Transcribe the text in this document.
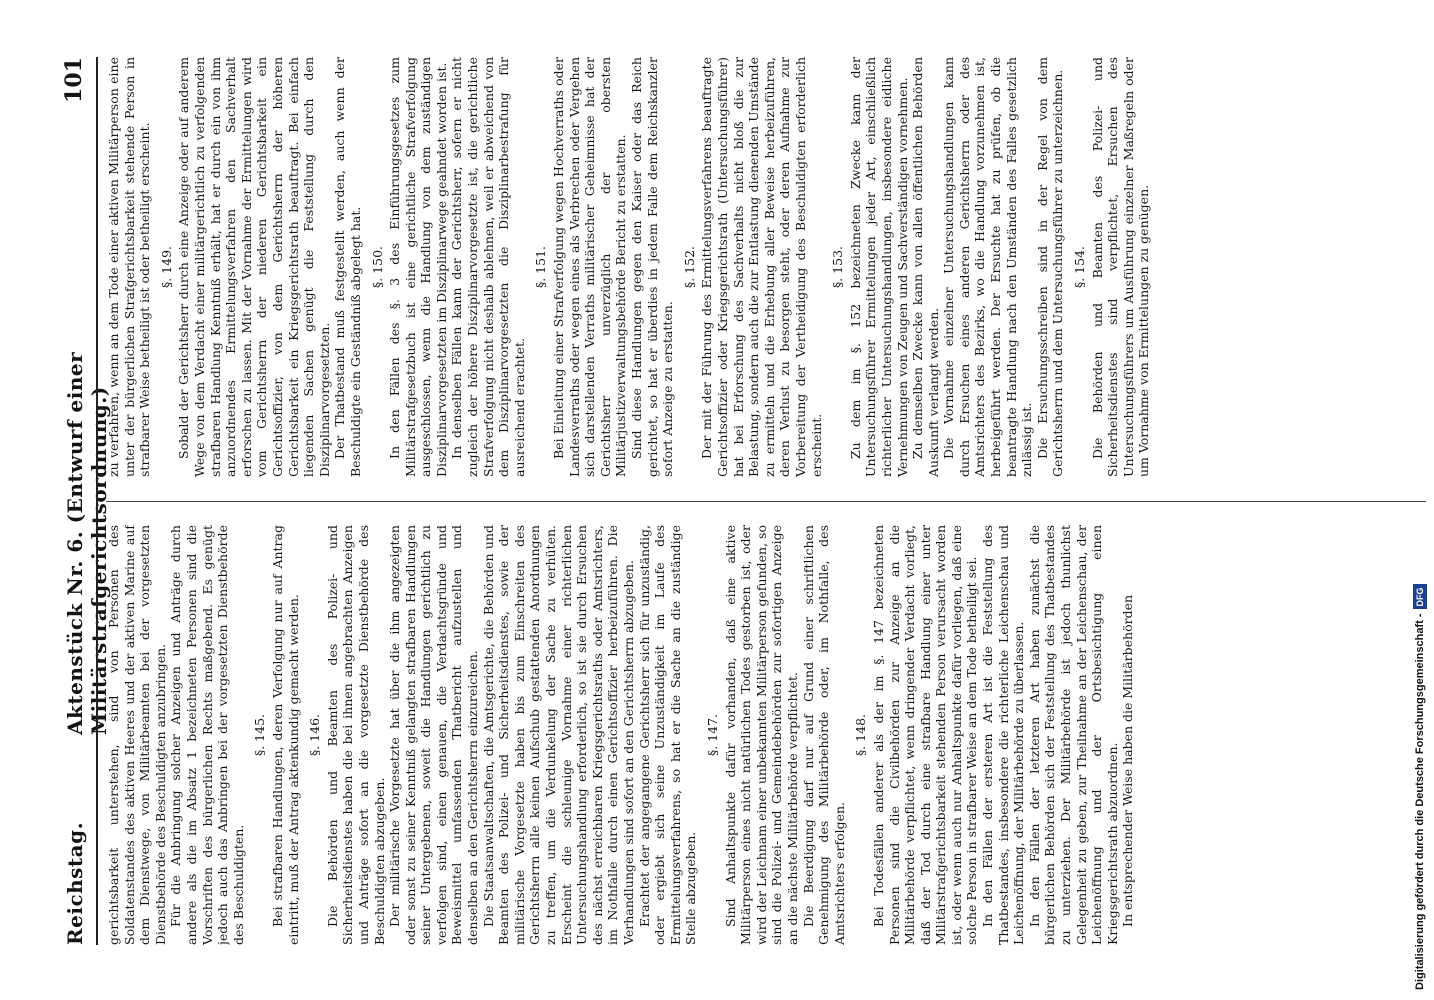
Reichstag.
Aktenstück Nr. 6. (Entwurf einer Militärstrafgerichtsordnung.)
101

gerichtsbarkeit unterstehen, sind von Personen des Soldatenstandes des aktiven Heeres und der aktiven Marine auf dem Dienstwege, von Militärbeamten bei der vorgesetzten Dienstbehörde des Beschuldigten anzubringen. Für die Anbringung solcher Anzeigen und Anträge durch andere als die im Absatz 1 bezeichneten Personen sind die Vorschriften des bürgerlichen Rechts maßgebend. Es genügt jedoch auch das Anbringen bei der vorgesetzten Dienstbehörde des Beschuldigten.

§. 145. Bei strafbaren Handlungen, deren Verfolgung nur auf Antrag eintritt, muß der Antrag aktenkundig gemacht werden. §. 146. Die Behörden und Beamten des Polizei- und Sicherheitsdienstes haben die bei ihnen angebrachten Anzeigen und Anträge sofort an die vorgesetzte Dienstbehörde des Beschuldigten abzugeben. Der militärische Vorgesetzte hat über die ihm angezeigten oder sonst zu seiner Kenntniß gelangten strafbaren Handlungen seiner Untergebenen, soweit die Handlungen gerichtlich zu verfolgen sind, einen genauen, die Verdachtsgründe und Beweismittel umfassenden Thatbericht aufzustellen und denselben an den Gerichtsherrn einzureichen. Die Staatsanwaltschaften, die Amtsgerichte, die Behörden und Beamten des Polizei- und Sicherheitsdienstes, sowie der militärische Vorgesetzte haben bis zum Einschreiten des Gerichtsherrn alle keinen Aufschub gestattenden Anordnungen zu treffen, um die Verdunkelung der Sache zu verhüten. Erscheint die schleunige Vornahme einer richterlichen Untersuchungshandlung erforderlich, so ist sie durch Ersuchen des nächst erreichbaren Kriegsgerichtsraths oder Amtsrichters, im Nothfalle durch einen Gerichtsoffizier herbeizuführen. Die Verhandlungen sind sofort an den Gerichtsherrn abzugeben. Erachtet der angegangene Gerichtsherr sich für unzuständig, oder ergiebt sich seine Unzuständigkeit im Laufe des Ermittelungsverfahrens, so hat er die Sache an die zuständige Stelle abzugeben.

§. 147. Sind Anhaltspunkte dafür vorhanden, daß eine aktive Militärperson eines nicht natürlichen Todes gestorben ist, oder wird der Leichnam einer unbekannten Militärperson gefunden, so sind die Polizei- und Gemeindebehörden zur sofortigen Anzeige an die nächste Militärbehörde verpflichtet. Die Beerdigung darf nur auf Grund einer schriftlichen Genehmigung des Militärbehörde oder, im Nothfalle, des Amtsrichters erfolgen.

§. 148. Bei Todesfällen anderer als der im §. 147 bezeichneten Personen sind die Civilbehörden zur Anzeige an die Militärbehörde verpflichtet, wenn dringender Verdacht vorliegt, daß der Tod durch eine strafbare Handlung einer unter Militärstrafgerichtsbarkeit stehenden Person verursacht worden ist, oder wenn auch nur Anhaltspunkte dafür vorliegen, daß eine solche Person in strafbarer Weise an dem Tode betheiligt sei. In den Fällen der ersteren Art ist die Feststellung des Thatbestandes, insbesondere die richterliche Leichenschau und Leichenöffnung, der Militärbehörde zu überlassen. In den Fällen der letzteren Art haben zunächst die bürgerlichen Behörden sich der Feststellung des Thatbestandes zu unterziehen. Der Militärbehörde ist jedoch thunlichst Gelegenheit zu geben, zur Theilnahme an der Leichenschau, der Leichenöffnung und der Ortsbesichtigung einen Kriegsgerichtsrath abzuordnen. In entsprechender Weise haben die Militärbehörden

zu verfahren, wenn an dem Tode einer aktiven Militärperson eine unter der bürgerlichen Strafgerichtsbarkeit stehende Person in strafbarer Weise betheiligt ist oder betheiligt erscheint. §. 149. Sobald der Gerichtsherr durch eine Anzeige oder auf anderem Wege von dem Verdacht einer militärgerichtlich zu verfolgenden strafbaren Handlung Kenntniß erhält, hat er durch ein von ihm anzuordnendes Ermittelungsverfahren den Sachverhalt erforschen zu lassen. Mit der Vornahme der Ermittelungen wird vom Gerichtsherrn der niederen Gerichtsbarkeit ein Gerichtsoffizier, von dem Gerichtsherrn der höheren Gerichtsbarkeit ein Kriegsgerichtsrath beauftragt. Bei einfach liegenden Sachen genügt die Feststellung durch den Disziplinarvorgesetzten. Der Thatbestand muß festgestellt werden, auch wenn der Beschuldigte ein Geständniß abgelegt hat. §. 150. In den Fällen des §. 3 des Einführungsgesetzes zum Militärstrafgesetzbuch ist eine gerichtliche Strafverfolgung ausgeschlossen, wenn die Handlung von dem zuständigen Disziplinarvorgesetzten im Disziplinarwege geahndet worden ist. In denselben Fällen kann der Gerichtsherr, sofern er nicht zugleich der höhere Disziplinarvorgesetzte ist, die gerichtliche Strafverfolgung nicht deshalb ablehnen, weil er abweichend von dem Disziplinarvorgesetzten die Disziplinarbestrafung für ausreichend erachtet.

§. 151. Bei Einleitung einer Strafverfolgung wegen Hochverraths oder Landesverraths oder wegen eines als Verbrechen oder Vergehen sich darstellenden Verraths militärischer Geheimnisse hat der Gerichtsherr unverzüglich der obersten Militärjustizverwaltungsbehörde Bericht zu erstatten. Sind diese Handlungen gegen den Kaiser oder das Reich gerichtet, so hat er überdies in jedem Falle dem Reichskanzler sofort Anzeige zu erstatten.

§. 152. Der mit der Führung des Ermittelungsverfahrens beauftragte Gerichtsoffizier oder Kriegsgerichtsrath (Untersuchungsführer) hat bei Erforschung des Sachverhalts nicht bloß die zur Belastung, sondern auch die zur Entlastung dienenden Umstände zu ermitteln und die Erhebung aller Beweise herbeizuführen, deren Verlust zu besorgen steht, oder deren Aufnahme zur Vorbereitung der Vertheidigung des Beschuldigten erforderlich erscheint.

§. 153. Zu dem im §. 152 bezeichneten Zwecke kann der Untersuchungsführer Ermittelungen jeder Art, einschließlich richterlicher Untersuchungshandlungen, insbesondere eidliche Vernehmungen von Zeugen und Sachverständigen vornehmen. Zu demselben Zwecke kann von allen öffentlichen Behörden Auskunft verlangt werden. Die Vornahme einzelner Untersuchungshandlungen kann durch Ersuchen eines anderen Gerichtsherrn oder des Amtsrichters des Bezirks, wo die Handlung vorzunehmen ist, herbeigeführt werden. Der Ersuchte hat zu prüfen, ob die beantragte Handlung nach den Umständen des Falles gesetzlich zulässig ist. Die Ersuchungsschreiben sind in der Regel von dem Gerichtsherrn und dem Untersuchungsführer zu unterzeichnen. §. 154. Die Behörden und Beamten des Polizei- und Sicherheitsdienstes sind verpflichtet, Ersuchen des Untersuchungsführers um Ausführung einzelner Maßregeln oder um Vornahme von Ermittelungen zu genügen.

Digitalisierung gefördert durch die Deutsche Forschungsgemeinschaft -DFG
